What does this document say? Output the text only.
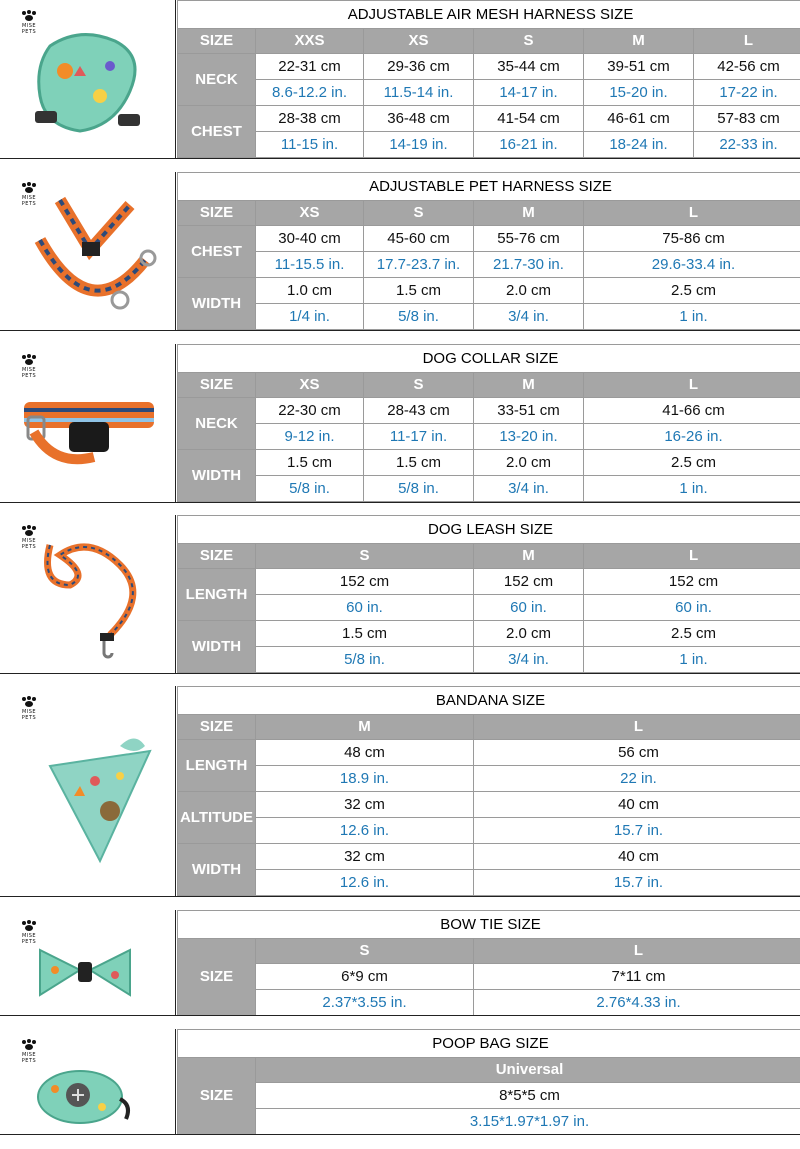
MISE PETS
ADJUSTABLE AIR MESH HARNESS SIZE					
SIZE	XXS	XS	S	M	L
NECK	22-31 cm	29-36 cm	35-44 cm	39-51 cm	42-56 cm
	8.6-12.2 in.	11.5-14 in.	14-17 in.	15-20 in.	17-22 in.
CHEST	28-38 cm	36-48 cm	41-54 cm	46-61 cm	57-83 cm
	11-15 in.	14-19 in.	16-21 in.	18-24 in.	22-33 in.
MISE PETS
ADJUSTABLE PET HARNESS SIZE				
SIZE	XS	S	M	L
CHEST	30-40 cm	45-60 cm	55-76 cm	75-86 cm
	11-15.5 in.	17.7-23.7 in.	21.7-30 in.	29.6-33.4 in.
WIDTH	1.0 cm	1.5 cm	2.0 cm	2.5 cm
	1/4 in.	5/8 in.	3/4 in.	1 in.
MISE PETS
DOG COLLAR SIZE				
SIZE	XS	S	M	L
NECK	22-30 cm	28-43 cm	33-51 cm	41-66 cm
	9-12 in.	11-17 in.	13-20 in.	16-26 in.
WIDTH	1.5 cm	1.5 cm	2.0 cm	2.5 cm
	5/8 in.	5/8 in.	3/4 in.	1 in.
MISE PETS
DOG LEASH SIZE			
SIZE	S	M	L
LENGTH	152 cm	152 cm	152 cm
	60 in.	60 in.	60 in.
WIDTH	1.5 cm	2.0 cm	2.5 cm
	5/8 in.	3/4 in.	1 in.
MISE PETS
BANDANA SIZE		
SIZE	M	L
LENGTH	48 cm	56 cm
	18.9 in.	22 in.
ALTITUDE	32 cm	40 cm
	12.6 in.	15.7 in.
WIDTH	32 cm	40 cm
	12.6 in.	15.7 in.
MISE PETS
BOW TIE SIZE		
SIZE	S	L
	6*9 cm	7*11 cm
	2.37*3.55 in.	2.76*4.33 in.
MISE PETS
POOP BAG SIZE
SIZE	Universal
8*5*5 cm
3.15*1.97*1.97 in.
